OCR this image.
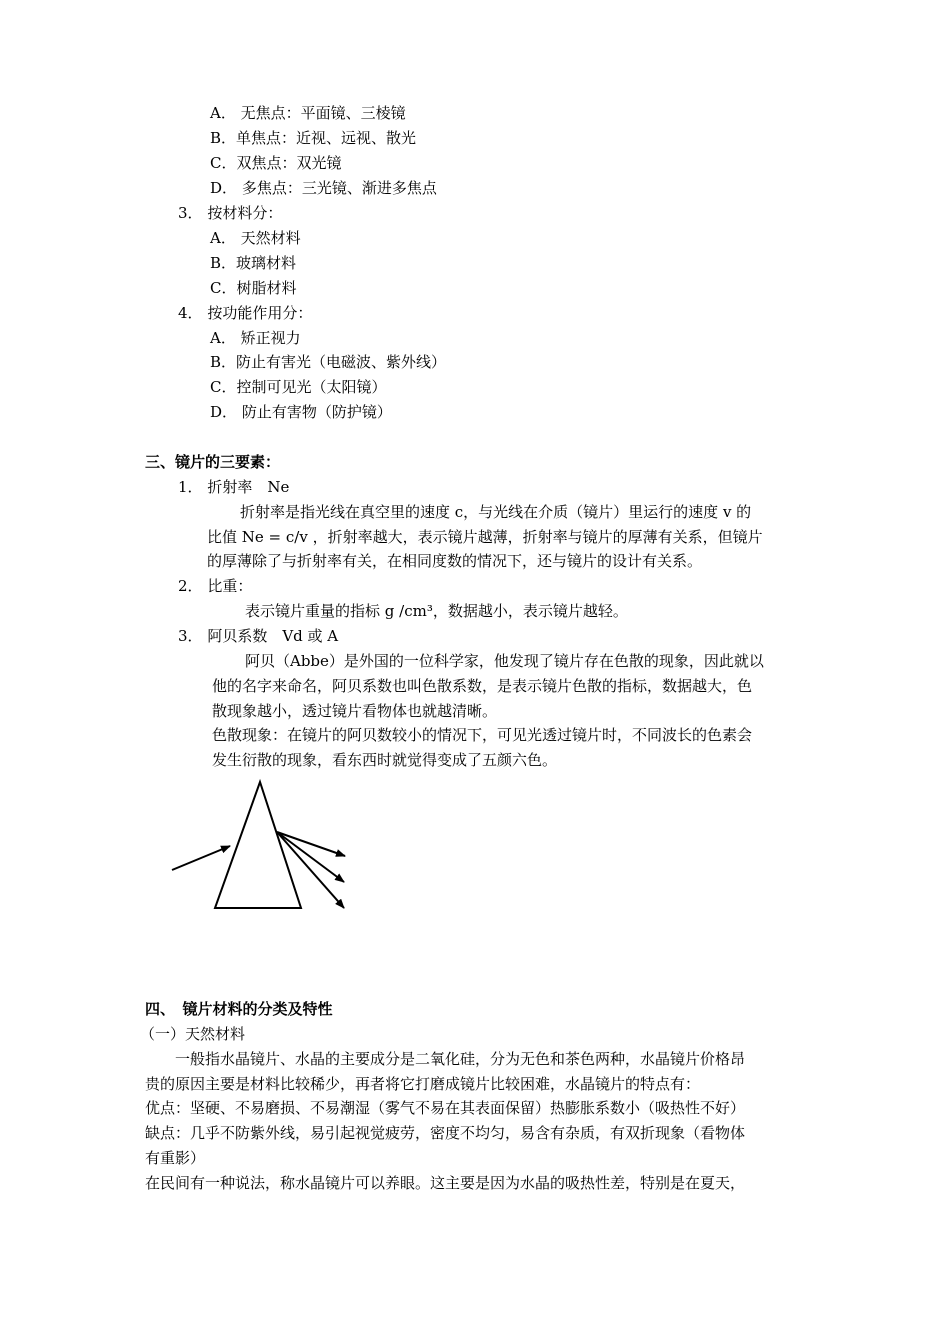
A． 无焦点：平面镜、三棱镜
B．单焦点：近视、远视、散光
C．双焦点：双光镜
D． 多焦点：三光镜、渐进多焦点
3． 按材料分：
A． 天然材料
B．玻璃材料
C．树脂材料
4． 按功能作用分：
A． 矫正视力
B．防止有害光（电磁波、紫外线）
C．控制可见光（太阳镜）
D． 防止有害物（防护镜）
三、镜片的三要素：
1． 折射率　Ne
折射率是指光线在真空里的速度 c，与光线在介质（镜片）里运行的速度 v 的
比值 Ne = c/v ，折射率越大，表示镜片越薄，折射率与镜片的厚薄有关系，但镜片
的厚薄除了与折射率有关，在相同度数的情况下，还与镜片的设计有关系。
2． 比重：
表示镜片重量的指标 g /cm³，数据越小，表示镜片越轻。
3． 阿贝系数　Vd 或 A
阿贝（Abbe）是外国的一位科学家，他发现了镜片存在色散的现象，因此就以
他的名字来命名，阿贝系数也叫色散系数，是表示镜片色散的指标，数据越大，色
散现象越小，透过镜片看物体也就越清晰。
色散现象：在镜片的阿贝数较小的情况下，可见光透过镜片时，不同波长的色素会
发生衍散的现象，看东西时就觉得变成了五颜六色。
四、　镜片材料的分类及特性
（一）天然材料
　　一般指水晶镜片、水晶的主要成分是二氧化硅，分为无色和茶色两种，水晶镜片价格昂
贵的原因主要是材料比较稀少，再者将它打磨成镜片比较困难，水晶镜片的特点有：
优点：坚硬、不易磨损、不易潮湿（雾气不易在其表面保留）热膨胀系数小（吸热性不好）
缺点：几乎不防紫外线，易引起视觉疲劳，密度不均匀，易含有杂质，有双折现象（看物体
有重影）
在民间有一种说法，称水晶镜片可以养眼。这主要是因为水晶的吸热性差，特别是在夏天，
